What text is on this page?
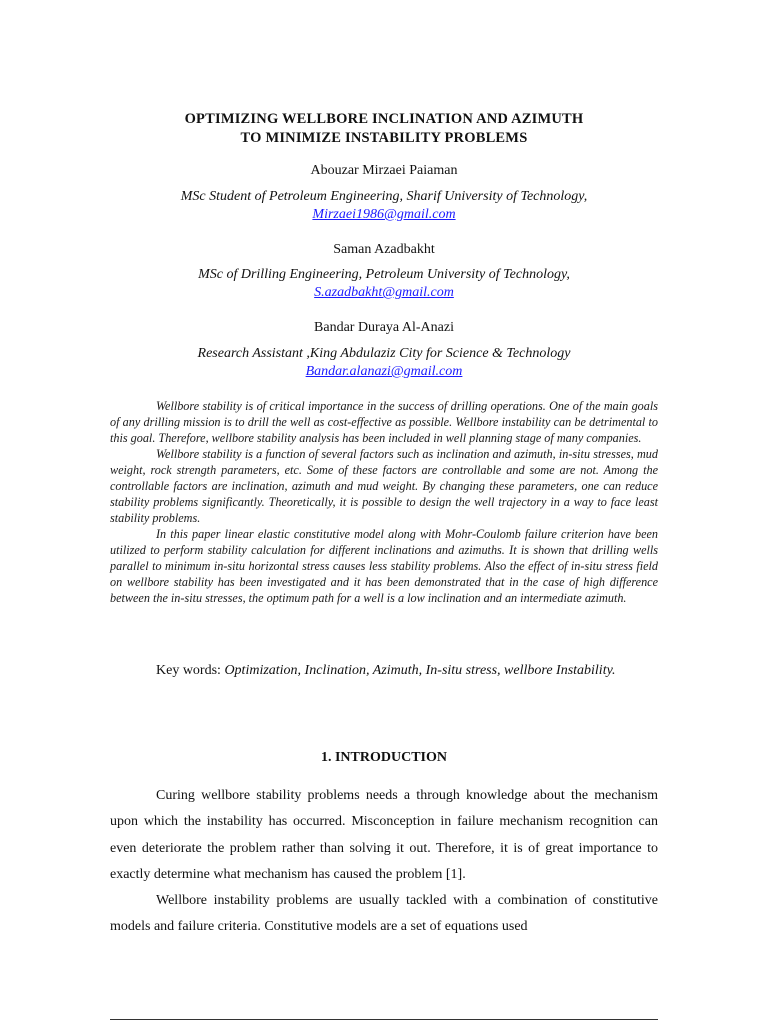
OPTIMIZING WELLBORE INCLINATION AND AZIMUTH
TO MINIMIZE INSTABILITY PROBLEMS
Abouzar Mirzaei Paiaman
MSc Student of Petroleum Engineering, Sharif University of Technology,
Mirzaei1986@gmail.com
Saman Azadbakht
MSc of Drilling Engineering, Petroleum University of Technology,
S.azadbakht@gmail.com
Bandar Duraya Al-Anazi
Research Assistant ,King Abdulaziz City for Science & Technology
Bandar.alanazi@gmail.com

Wellbore stability is of critical importance in the success of drilling operations. One of the main goals of any drilling mission is to drill the well as cost-effective as possible. Wellbore instability can be detrimental to this goal. Therefore, wellbore stability analysis has been included in well planning stage of many companies.

Wellbore stability is a function of several factors such as inclination and azimuth, in-situ stresses, mud weight, rock strength parameters, etc. Some of these factors are controllable and some are not. Among the controllable factors are inclination, azimuth and mud weight. By changing these parameters, one can reduce stability problems significantly. Theoretically, it is possible to design the well trajectory in a way to face least stability problems.

In this paper linear elastic constitutive model along with Mohr-Coulomb failure criterion have been utilized to perform stability calculation for different inclinations and azimuths. It is shown that drilling wells parallel to minimum in-situ horizontal stress causes less stability problems. Also the effect of in-situ stress field on wellbore stability has been investigated and it has been demonstrated that in the case of high difference between the in-situ stresses, the optimum path for a well is a low inclination and an intermediate azimuth.

Key words: Optimization, Inclination, Azimuth, In-situ stress, wellbore Instability.
1. INTRODUCTION

Curing wellbore stability problems needs a through knowledge about the mechanism upon which the instability has occurred. Misconception in failure mechanism recognition can even deteriorate the problem rather than solving it out. Therefore, it is of great importance to exactly determine what mechanism has caused the problem [1].

Wellbore instability problems are usually tackled with a combination of constitutive models and failure criteria. Constitutive models are a set of equations used
